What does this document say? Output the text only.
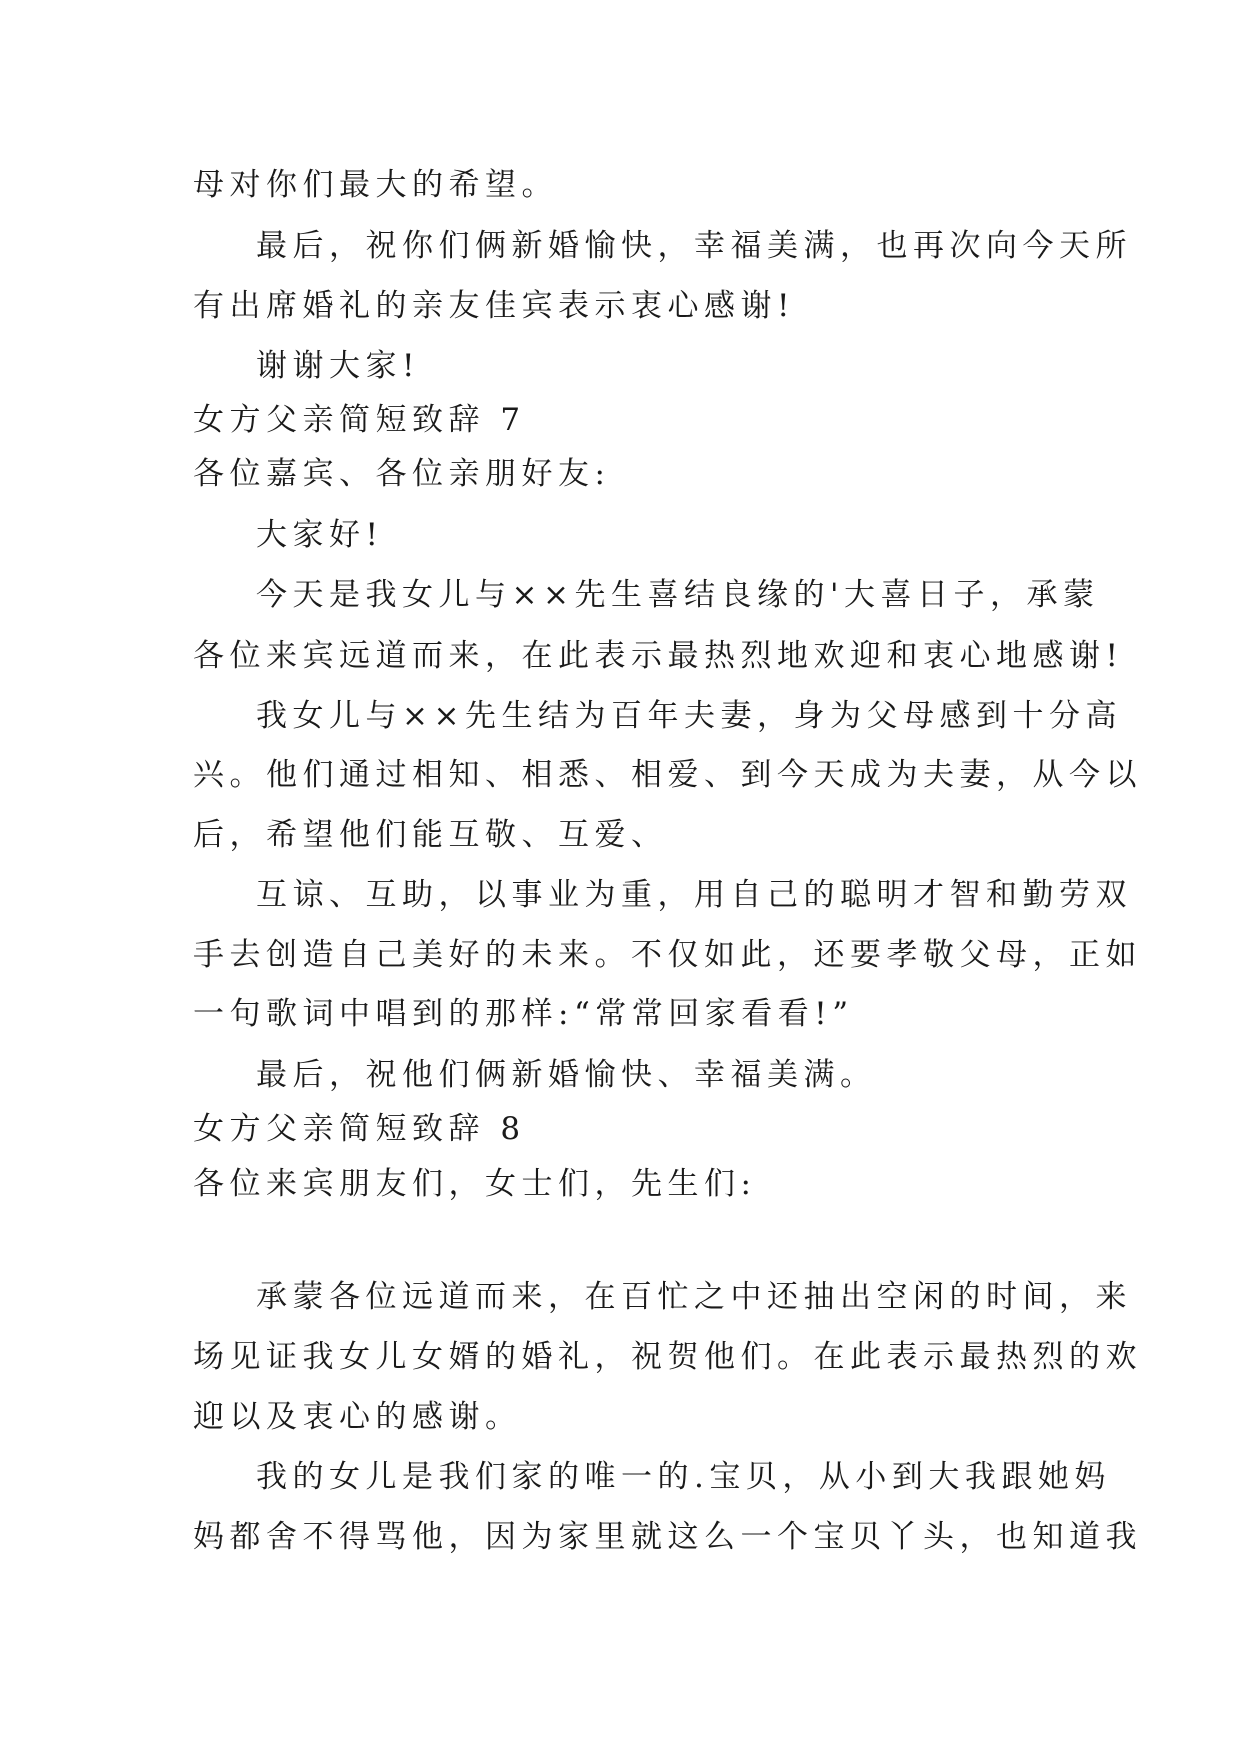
母对你们最大的希望。
最后，祝你们俩新婚愉快，幸福美满，也再次向今天所
有出席婚礼的亲友佳宾表示衷心感谢!
谢谢大家!
女方父亲简短致辞 7
各位嘉宾、各位亲朋好友:
大家好!
今天是我女儿与××先生喜结良缘的'大喜日子，承蒙
各位来宾远道而来，在此表示最热烈地欢迎和衷心地感谢!
我女儿与××先生结为百年夫妻，身为父母感到十分高
兴。他们通过相知、相悉、相爱、到今天成为夫妻，从今以
后，希望他们能互敬、互爱、
互谅、互助，以事业为重，用自己的聪明才智和勤劳双
手去创造自己美好的未来。不仅如此，还要孝敬父母，正如
一句歌词中唱到的那样:“常常回家看看!”
最后，祝他们俩新婚愉快、幸福美满。
女方父亲简短致辞 8
各位来宾朋友们，女士们，先生们:
承蒙各位远道而来，在百忙之中还抽出空闲的时间，来
场见证我女儿女婿的婚礼，祝贺他们。在此表示最热烈的欢
迎以及衷心的感谢。
我的女儿是我们家的唯一的.宝贝，从小到大我跟她妈
妈都舍不得骂他，因为家里就这么一个宝贝丫头，也知道我
